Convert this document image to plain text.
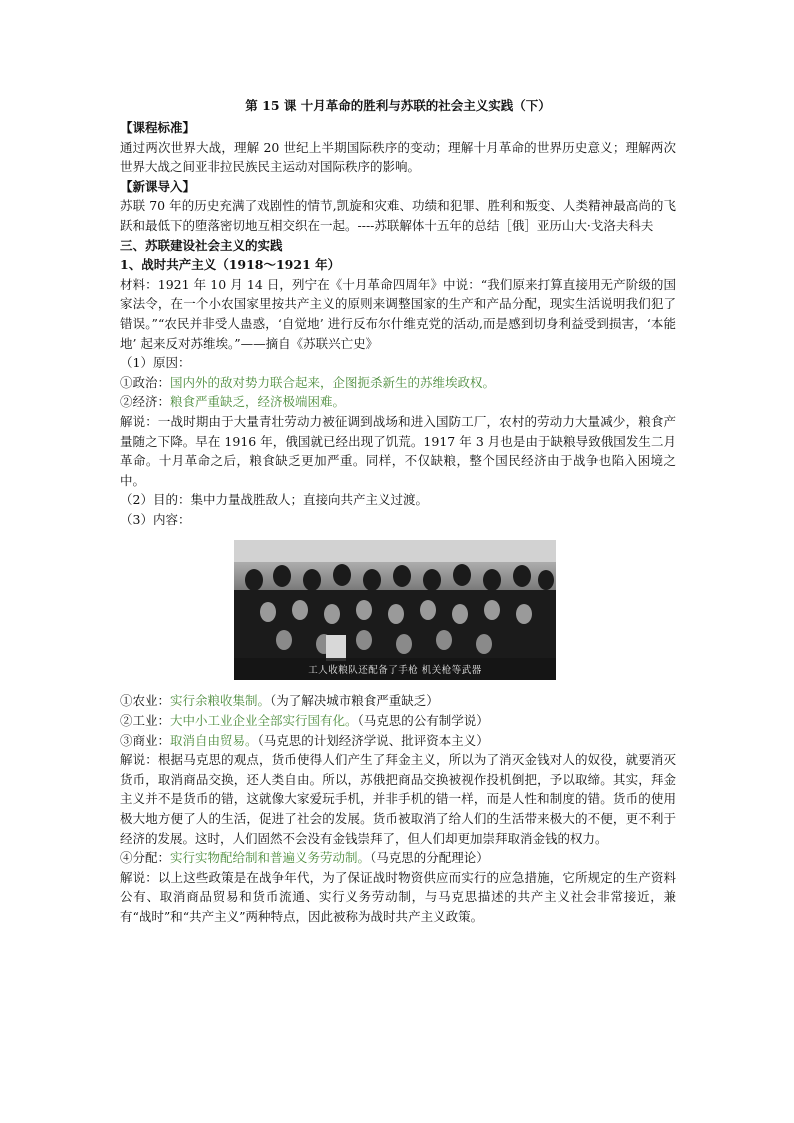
第 15 课 十月革命的胜利与苏联的社会主义实践（下）

【课程标准】

通过两次世界大战，理解 20 世纪上半期国际秩序的变动；理解十月革命的世界历史意义；理解两次世界大战之间亚非拉民族民主运动对国际秩序的影响。

【新课导入】

苏联 70 年的历史充满了戏剧性的情节,凯旋和灾难、功绩和犯罪、胜利和叛变、人类精神最高尚的飞跃和最低下的堕落密切地互相交织在一起。----苏联解体十五年的总结［俄］亚历山大·戈洛夫科夫

三、苏联建设社会主义的实践

1、战时共产主义（1918～1921 年）

材料：1921 年 10 月 14 日，列宁在《十月革命四周年》中说：“我们原来打算直接用无产阶级的国家法令，在一个小农国家里按共产主义的原则来调整国家的生产和产品分配，现实生活说明我们犯了错误。”“农民并非受人蛊惑，‘自觉地’ 进行反布尔什维克党的活动,而是感到切身利益受到损害，‘本能地’ 起来反对苏维埃。”——摘自《苏联兴亡史》

（1）原因：

①政治：国内外的敌对势力联合起来，企图扼杀新生的苏维埃政权。

②经济：粮食严重缺乏，经济极端困难。

解说：一战时期由于大量青壮劳动力被征调到战场和进入国防工厂，农村的劳动力大量减少，粮食产量随之下降。早在 1916 年，俄国就已经出现了饥荒。1917 年 3 月也是由于缺粮导致俄国发生二月革命。十月革命之后，粮食缺乏更加严重。同样，不仅缺粮，整个国民经济由于战争也陷入困境之中。

（2）目的：集中力量战胜敌人；直接向共产主义过渡。

（3）内容：

工人收粮队还配备了手枪 机关枪等武器

①农业：实行余粮收集制。（为了解决城市粮食严重缺乏）

②工业：大中小工业企业全部实行国有化。（马克思的公有制学说）

③商业：取消自由贸易。（马克思的计划经济学说、批评资本主义）

解说：根据马克思的观点，货币使得人们产生了拜金主义，所以为了消灭金钱对人的奴役，就要消灭货币，取消商品交换，还人类自由。所以，苏俄把商品交换被视作投机倒把，予以取缔。其实，拜金主义并不是货币的错，这就像大家爱玩手机，并非手机的错一样，而是人性和制度的错。货币的使用极大地方便了人的生活，促进了社会的发展。货币被取消了给人们的生活带来极大的不便，更不利于经济的发展。这时，人们固然不会没有金钱崇拜了，但人们却更加崇拜取消金钱的权力。

④分配：实行实物配给制和普遍义务劳动制。（马克思的分配理论）

解说：以上这些政策是在战争年代，为了保证战时物资供应而实行的应急措施，它所规定的生产资料公有、取消商品贸易和货币流通、实行义务劳动制，与马克思描述的共产主义社会非常接近，兼有“战时”和“共产主义”两种特点，因此被称为战时共产主义政策。
